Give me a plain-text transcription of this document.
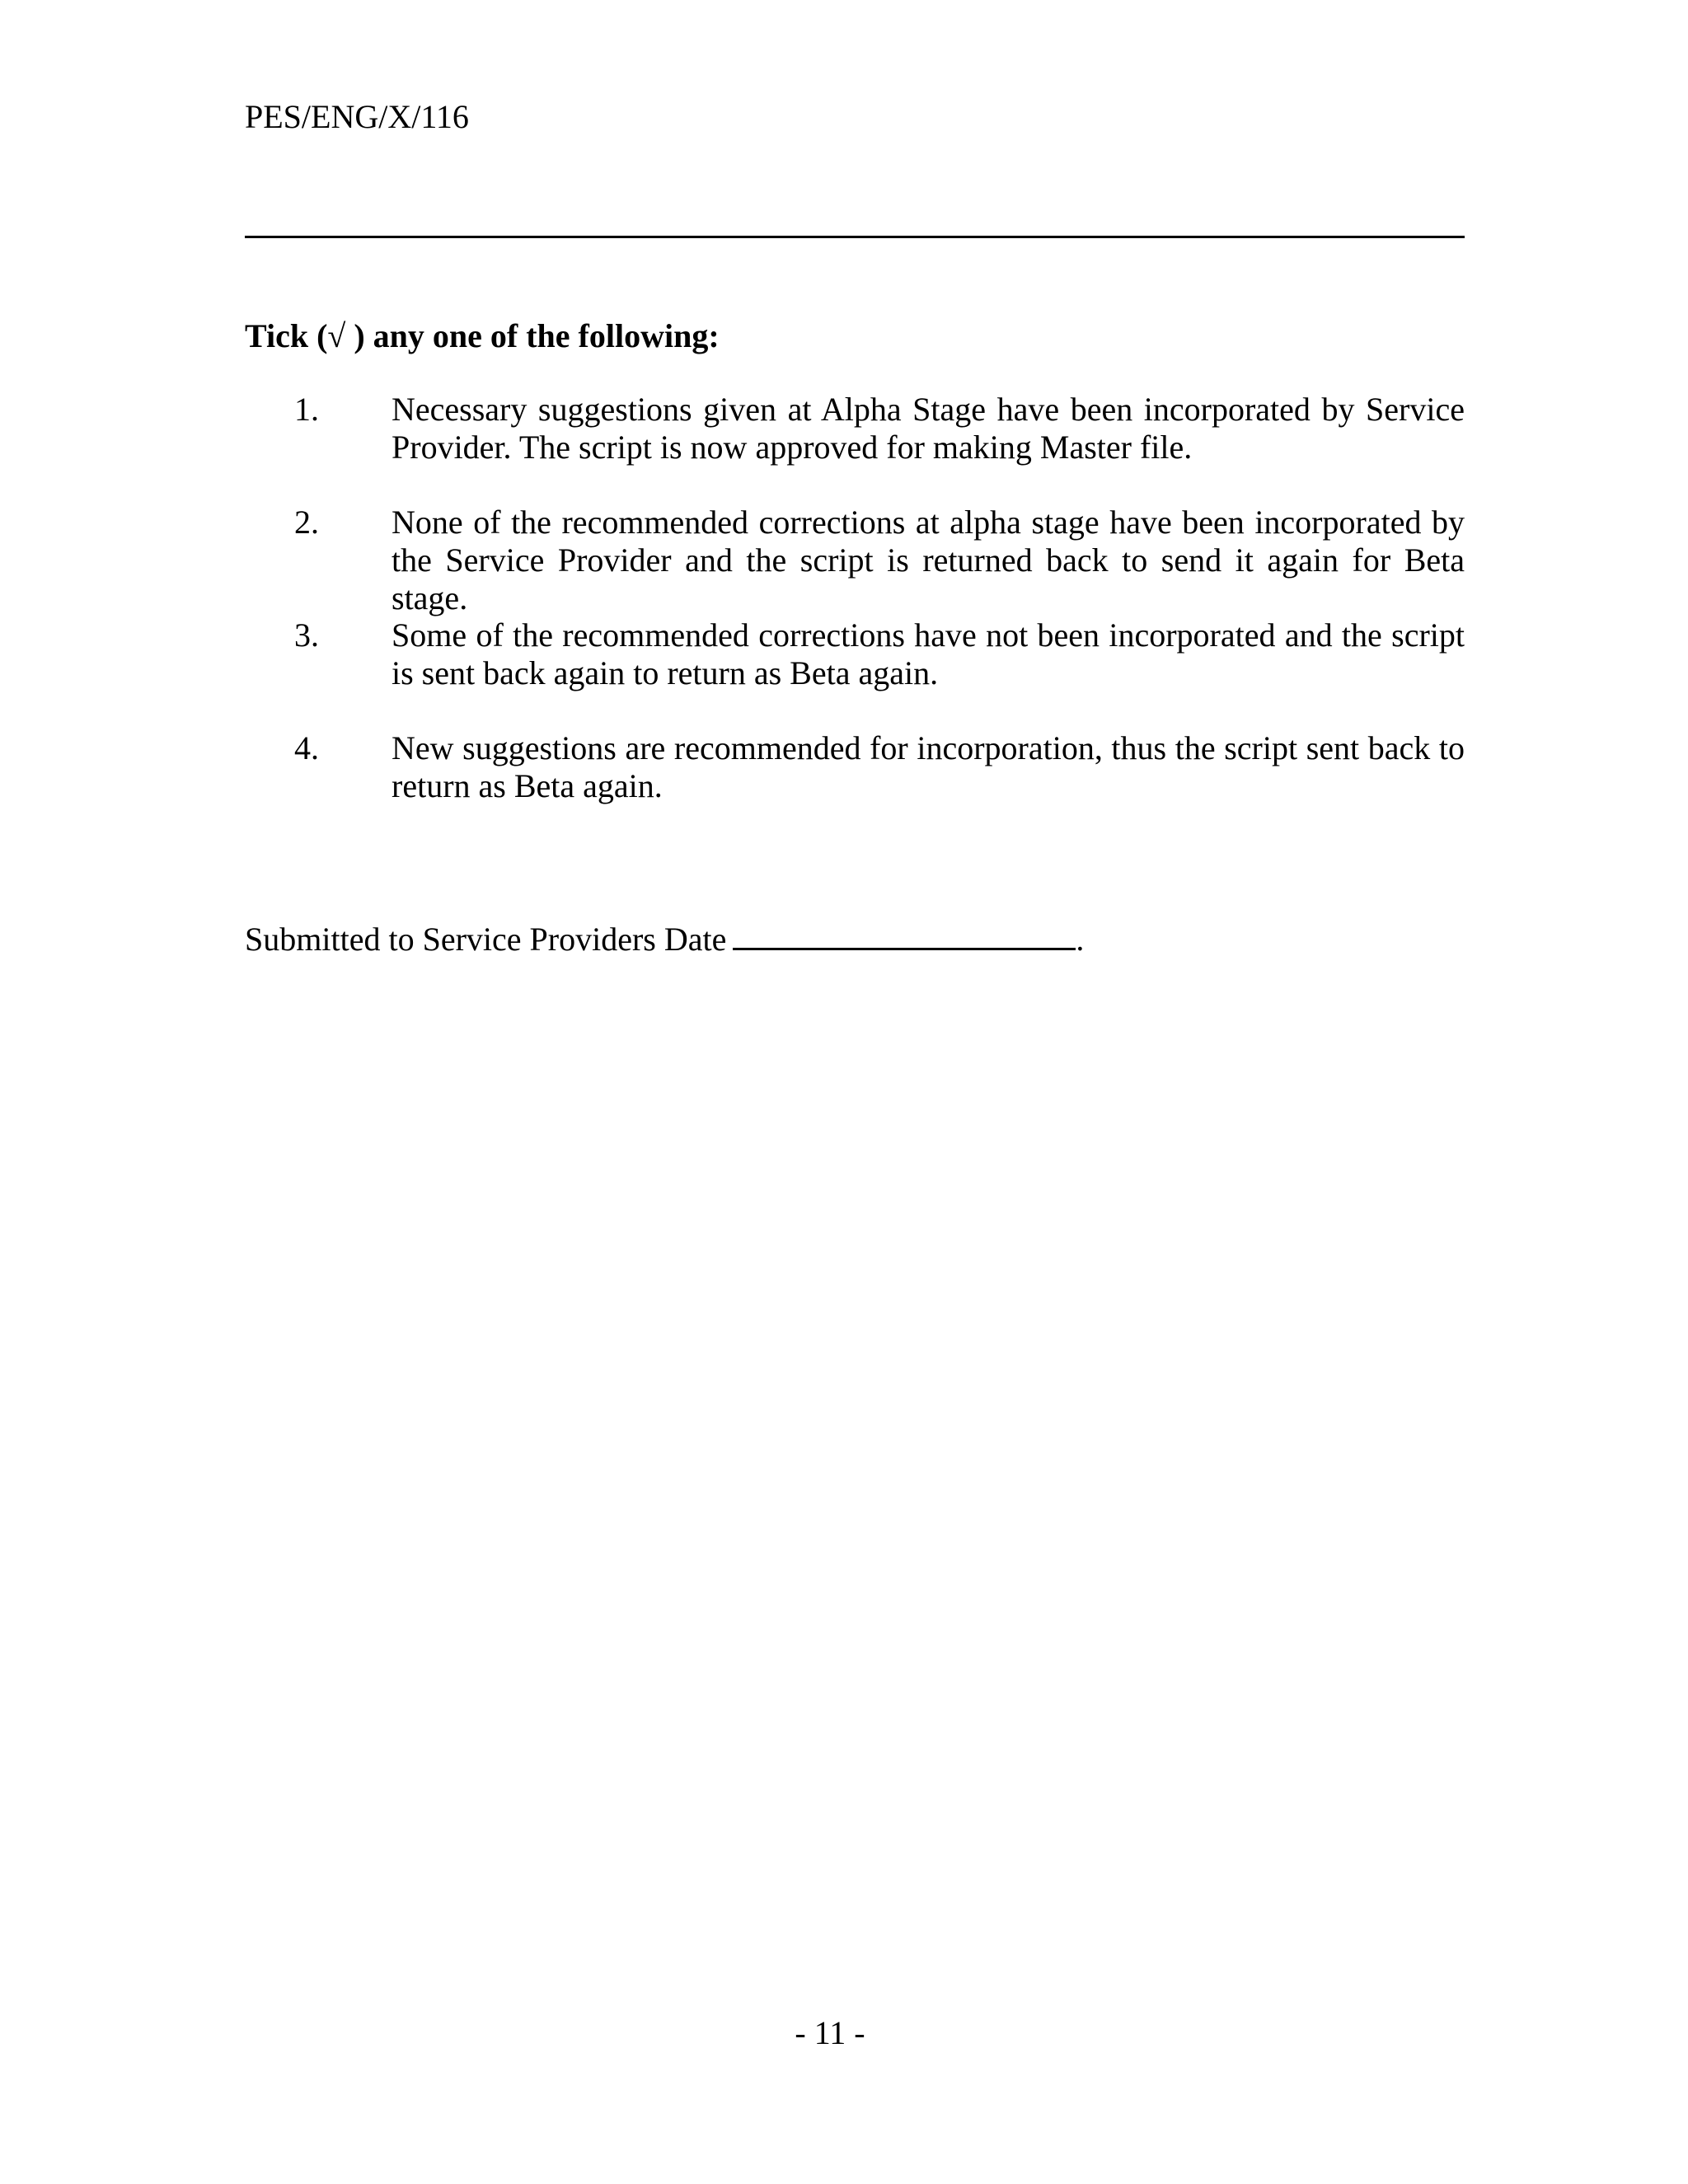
PES/ENG/X/116
Tick (√ ) any one of the following:
1. Necessary suggestions given at Alpha Stage have been incorporated by Service Provider. The script is now approved for making Master file.
2. None of the recommended corrections at alpha stage have been incorporated by the Service Provider and the script is returned back to send it again for Beta stage.
3. Some of the recommended corrections have not been incorporated and the script is sent back again to return as Beta again.
4. New suggestions are recommended for incorporation, thus the script sent back to return as Beta again.
Submitted to Service Providers Date	.
- 11 -
